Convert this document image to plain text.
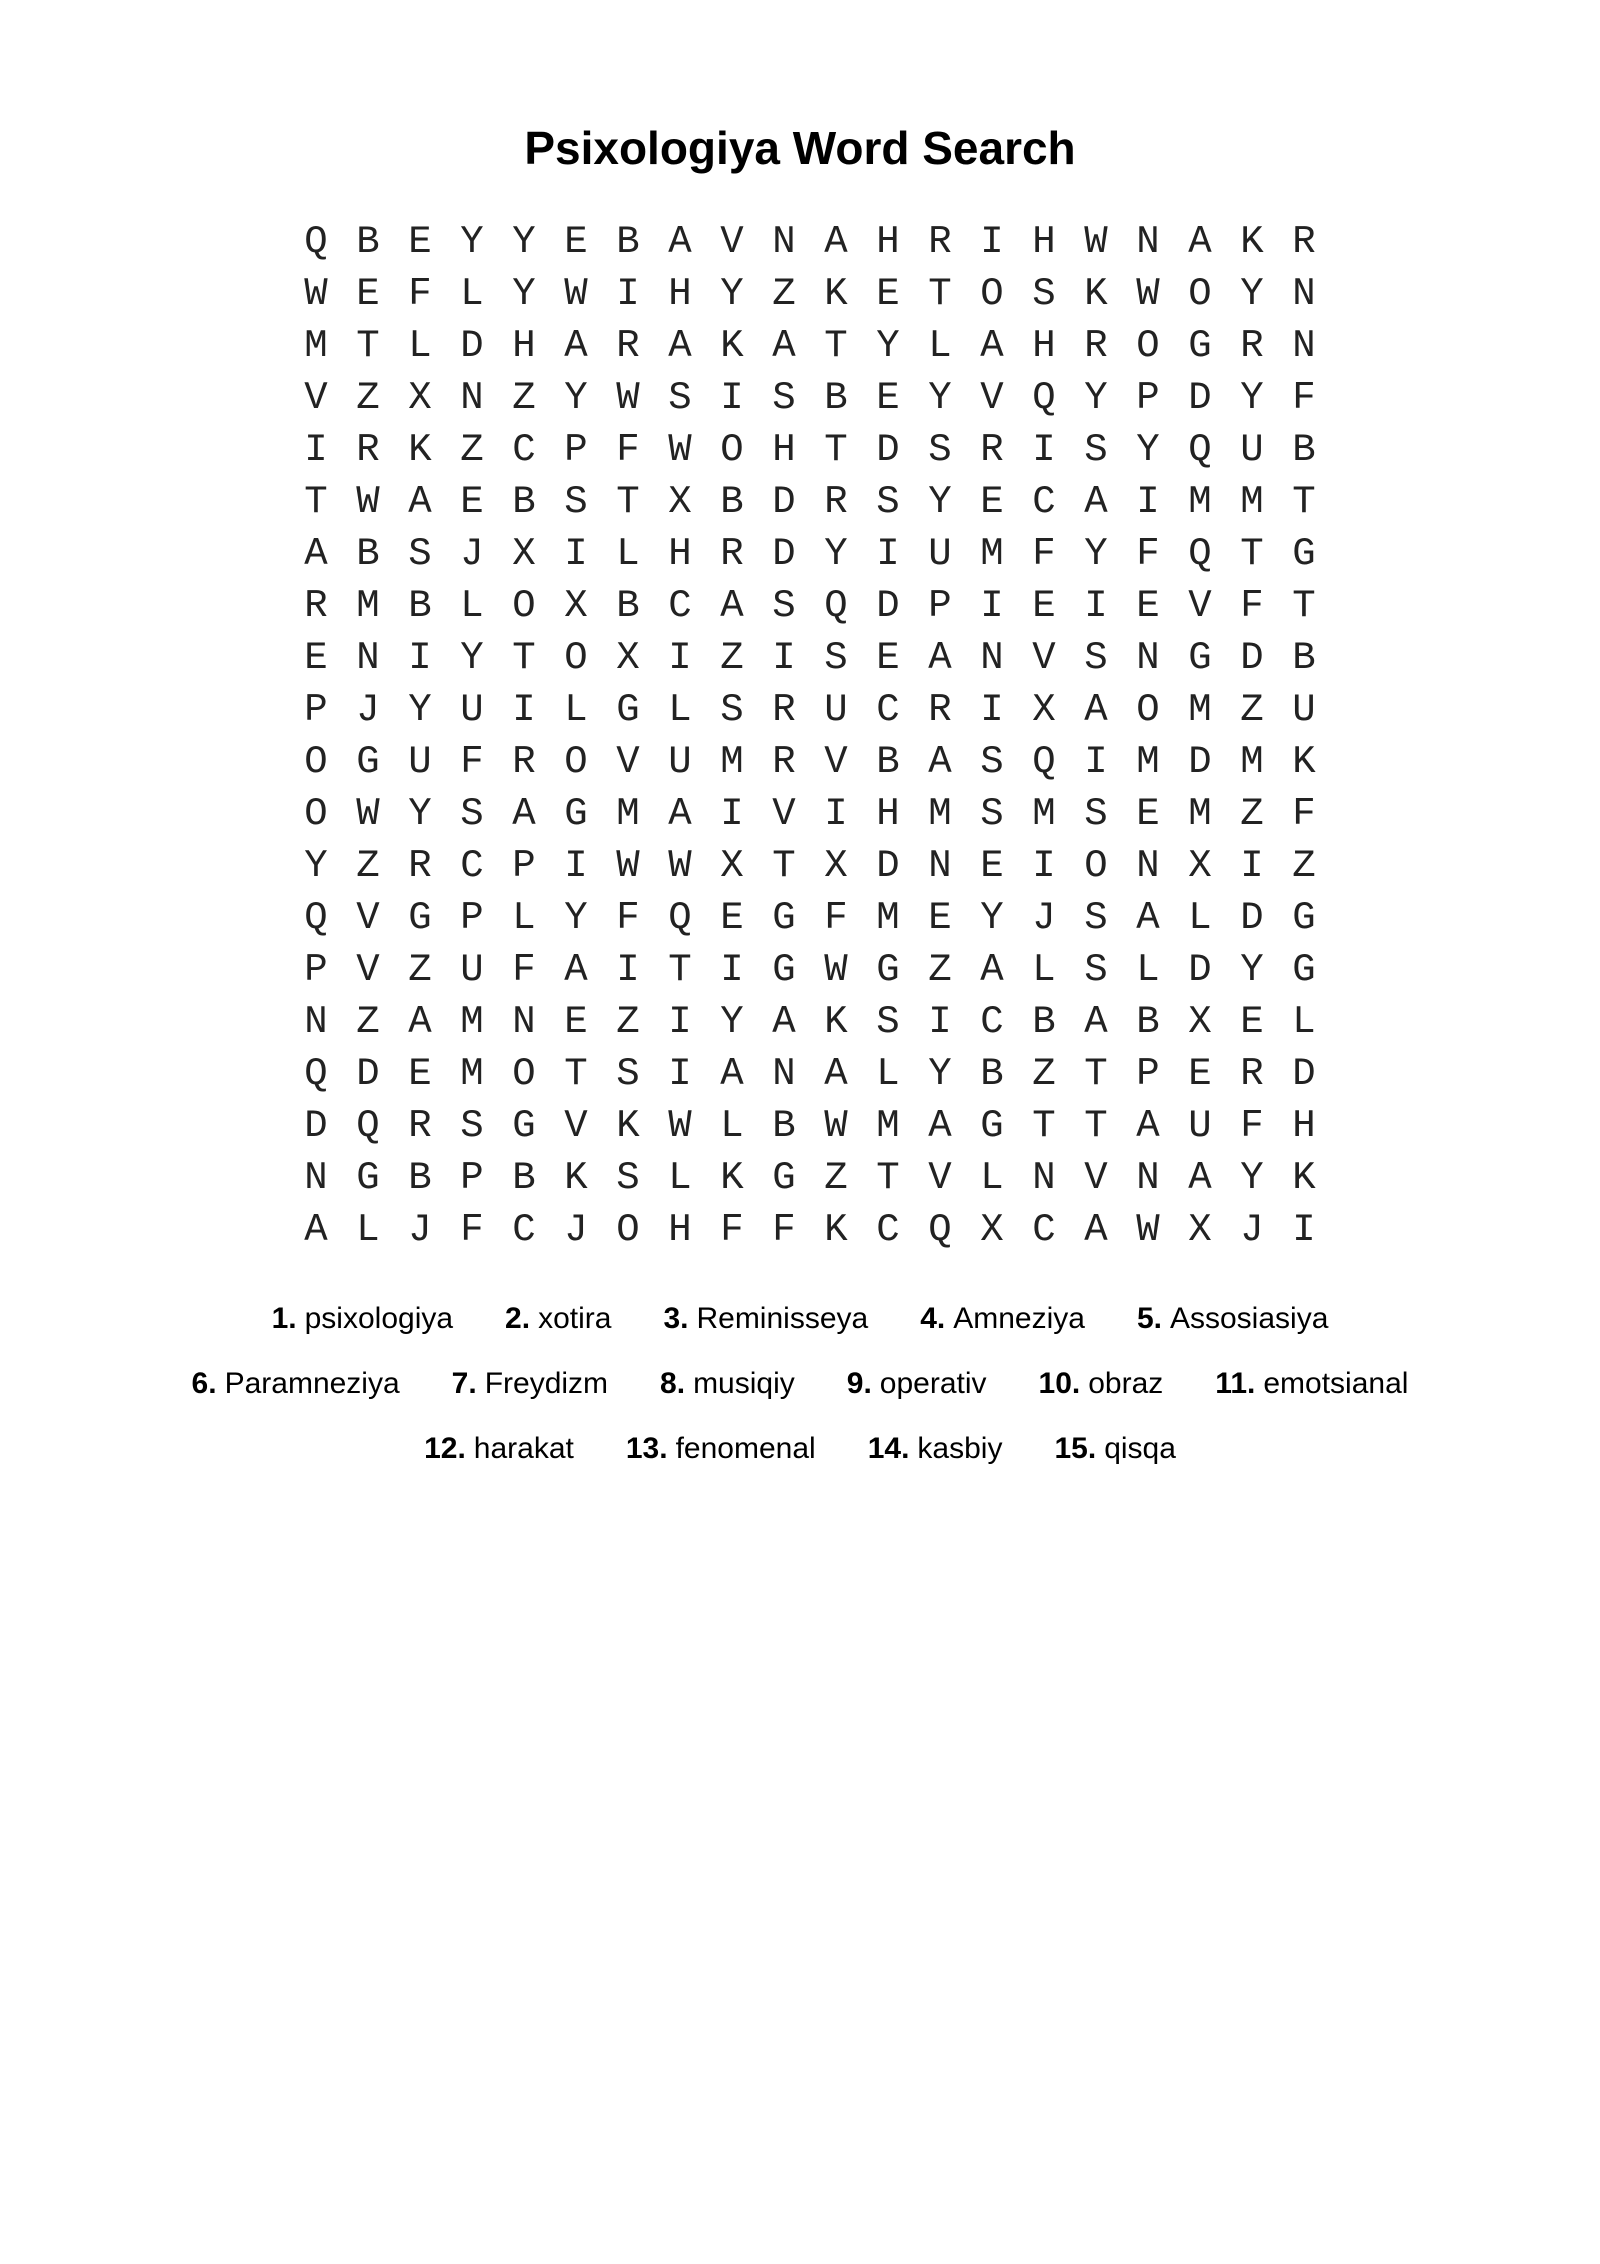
Psixologiya Word Search
Q B E Y Y E B A V N A H R I H W N A K R
W E F L Y W I H Y Z K E T O S K W O Y N
M T L D H A R A K A T Y L A H R O G R N
V Z X N Z Y W S I S B E Y V Q Y P D Y F
I R K Z C P F W O H T D S R I S Y Q U B
T W A E B S T X B D R S Y E C A I M M T
A B S J X I L H R D Y I U M F Y F Q T G
R M B L O X B C A S Q D P I E I E V F T
E N I Y T O X I Z I S E A N V S N G D B
P J Y U I L G L S R U C R I X A O M Z U
O G U F R O V U M R V B A S Q I M D M K
O W Y S A G M A I V I H M S M S E M Z F
Y Z R C P I W W X T X D N E I O N X I Z
Q V G P L Y F Q E G F M E Y J S A L D G
P V Z U F A I T I G W G Z A L S L D Y G
N Z A M N E Z I Y A K S I C B A B X E L
Q D E M O T S I A N A L Y B Z T P E R D
D Q R S G V K W L B W M A G T T A U F H
N G B P B K S L K G Z T V L N V N A Y K
A L J F C J O H F F K C Q X C A W X J I
1. psixologiya 2. xotira 3. Reminisseya 4. Amneziya 5. Assosiasiya
6. Paramneziya 7. Freydizm 8. musiqiy 9. operativ 10. obraz 11. emotsianal
12. harakat 13. fenomenal 14. kasbiy 15. qisqa
